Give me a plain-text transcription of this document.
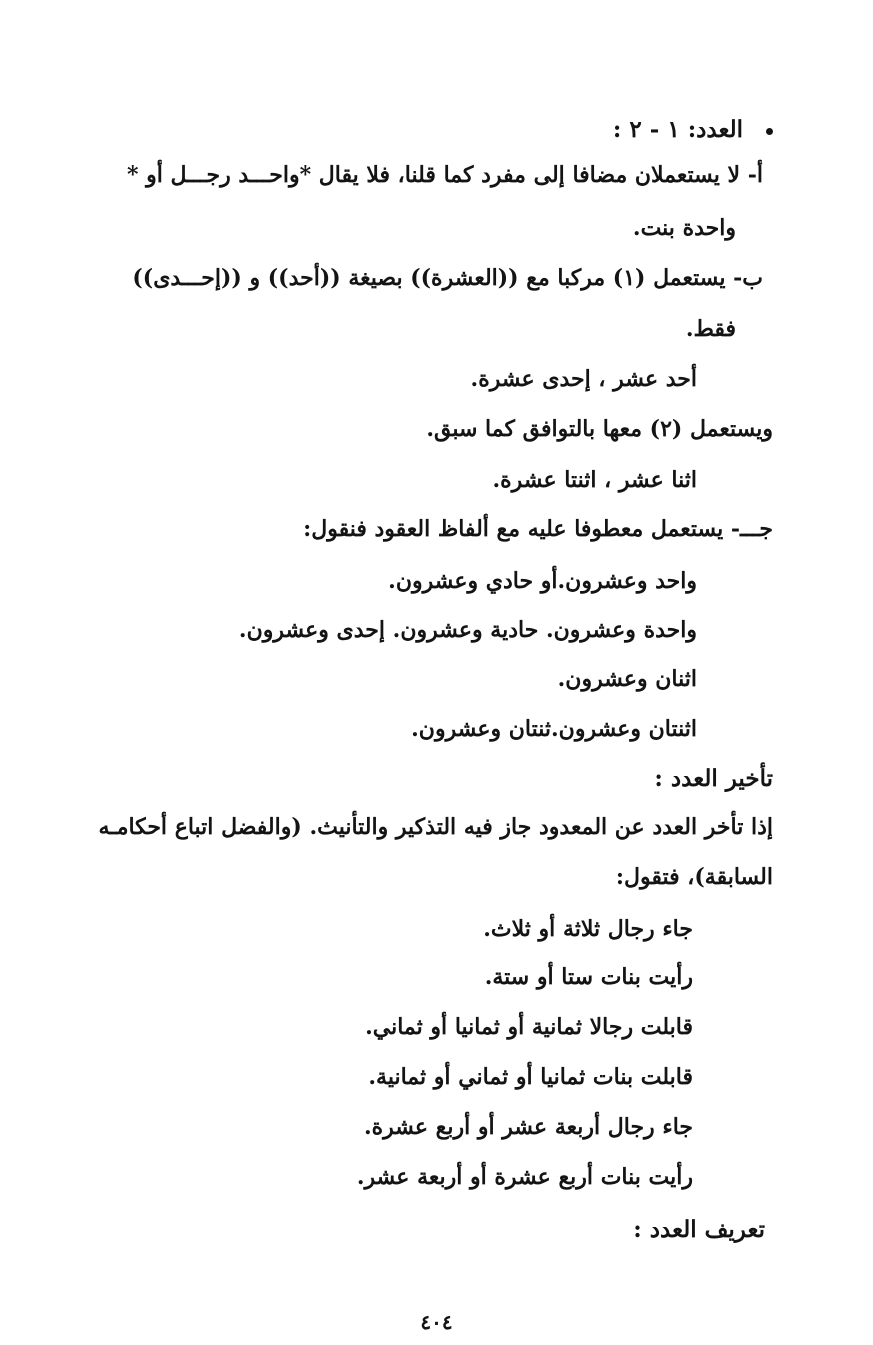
العدد: ١ - ٢ :
أ- لا يستعملان مضافا إلى مفرد كما قلنا، فلا يقال *واحـــد رجـــل أو *
واحدة بنت.
ب- يستعمل (١) مركبا مع ((العشرة)) بصيغة ((أحد)) و ((إحـــدى))
فقط.
أحد عشر ، إحدى عشرة.
ويستعمل (٢) معها بالتوافق كما سبق.
اثنا عشر ، اثنتا عشرة.
جـــ- يستعمل معطوفا عليه مع ألفاظ العقود فنقول:
واحد وعشرون.أو حادي وعشرون.
واحدة وعشرون. حادية وعشرون. إحدى وعشرون.
اثنان وعشرون.
اثنتان وعشرون.ثنتان وعشرون.
تأخير العدد :
إذا تأخر العدد عن المعدود جاز فيه التذكير والتأنيث. (والفضل اتباع أحكامـه
السابقة)، فتقول:
جاء رجال ثلاثة أو ثلاث.
رأيت بنات ستا أو ستة.
قابلت رجالا ثمانية أو ثمانيا أو ثماني.
قابلت بنات ثمانيا أو ثماني أو ثمانية.
جاء رجال أربعة عشر أو أربع عشرة.
رأيت بنات أربع عشرة أو أربعة عشر.
تعريف العدد :
٤٠٤
